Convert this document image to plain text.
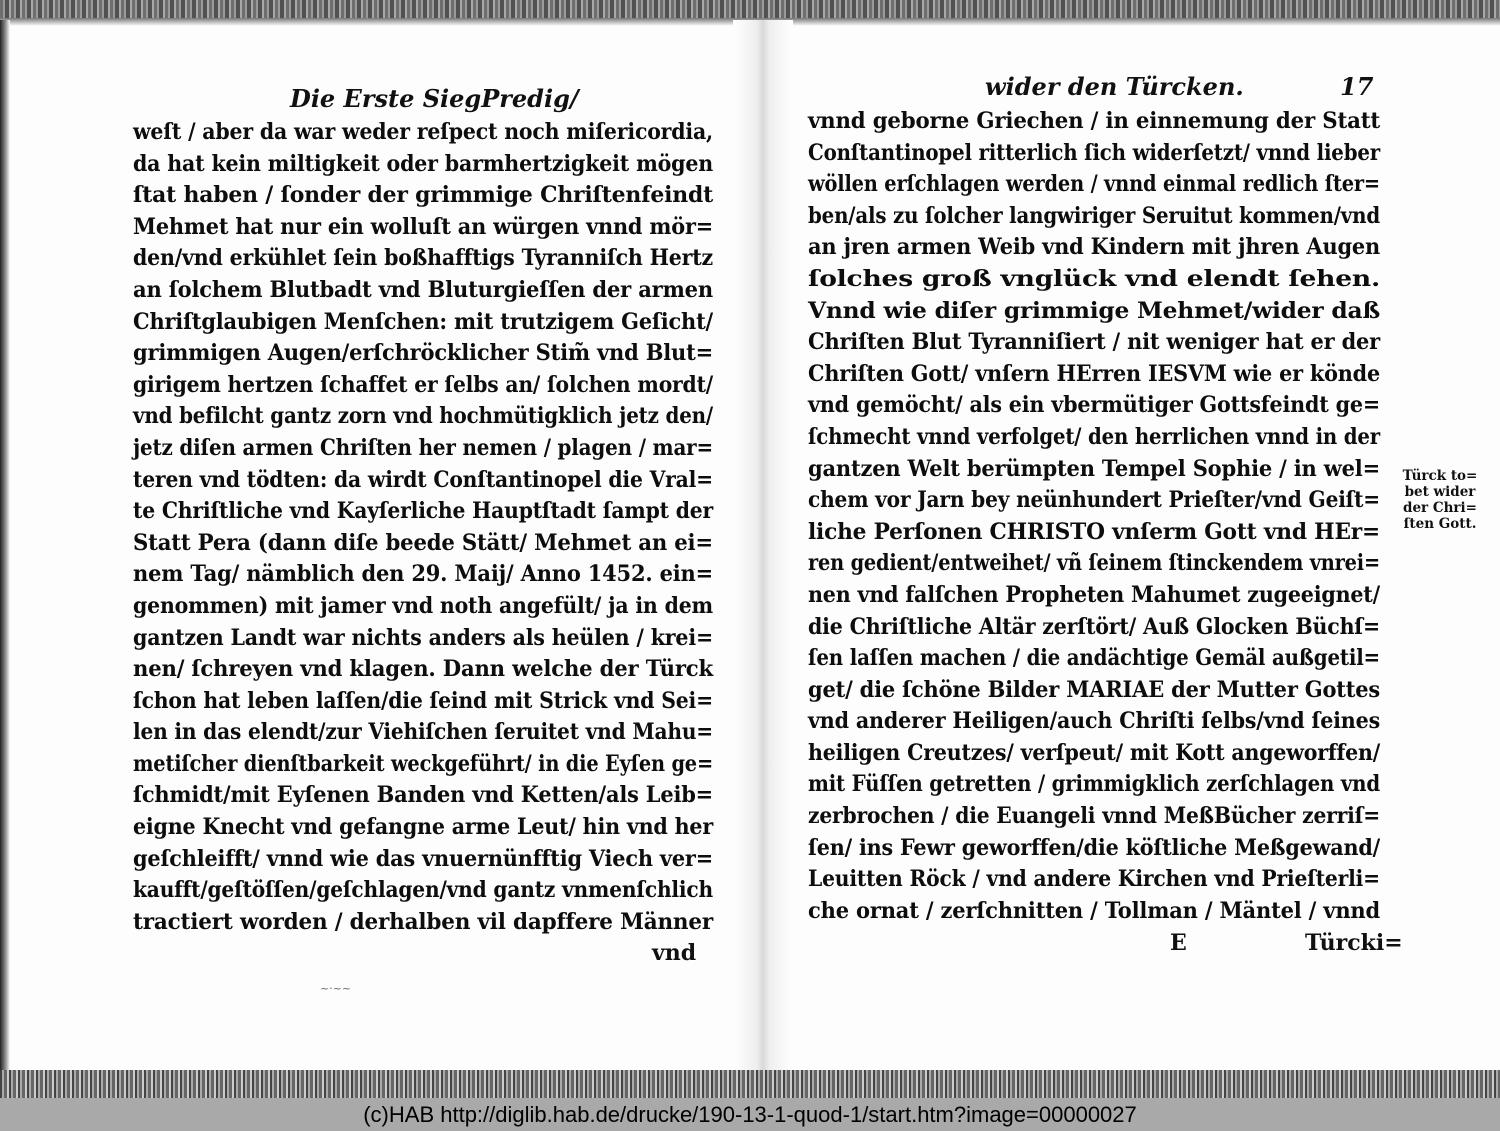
Die Erste SiegPredig/
weſt / aber da war weder reſpect noch miſericordia,
da hat kein miltigkeit oder barmhertzigkeit mögen
ſtat haben / ſonder der grimmige Chriſtenfeindt
Mehmet hat nur ein wolluſt an würgen vnnd mör=
den/vnd erkühlet ſein boßhafftigs Tyranniſch Hertz
an ſolchem Blutbadt vnd Bluturgieſſen der armen
Chriſtglaubigen Menſchen: mit trutzigem Geſicht/
grimmigen Augen/erſchröcklicher Stim̃ vnd Blut=
girigem hertzen ſchaffet er ſelbs an/ ſolchen mordt/
vnd befilcht gantz zorn vnd hochmütigklich jetz den/
jetz diſen armen Chriſten her nemen / plagen / mar=
teren vnd tödten: da wirdt Conſtantinopel die Vral=
te Chriſtliche vnd Kayſerliche Hauptſtadt ſampt der
Statt Pera (dann diſe beede Stätt/ Mehmet an ei=
nem Tag/ nämblich den 29. Maij/ Anno 1452. ein=
genommen) mit jamer vnd noth angefült/ ja in dem
gantzen Landt war nichts anders als heülen / krei=
nen/ ſchreyen vnd klagen. Dann welche der Türck
ſchon hat leben laſſen/die ſeind mit Strick vnd Sei=
len in das elendt/zur Viehiſchen ſeruitet vnd Mahu=
metiſcher dienſtbarkeit weckgeführt/ in die Eyſen ge=
ſchmidt/mit Eyſenen Banden vnd Ketten/als Leib=
eigne Knecht vnd gefangne arme Leut/ hin vnd her
geſchleifft/ vnnd wie das vnuernünfftig Viech ver=
kaufft/geſtöſſen/geſchlagen/vnd gantz vnmenſchlich
tractiert worden / derhalben vil dapffere Männer
vnd
~·~~
wider den Türcken.	17
vnnd geborne Griechen / in einnemung der Statt
Conſtantinopel ritterlich ſich widerſetzt/ vnnd lieber
wöllen erſchlagen werden / vnnd einmal redlich ſter=
ben/als zu ſolcher langwiriger Seruitut kommen/vnd
an jren armen Weib vnd Kindern mit jhren Augen
ſolches groß vnglück vnd elendt ſehen.
Vnnd wie diſer grimmige Mehmet/wider daß
Chriſten Blut Tyranniſiert / nit weniger hat er der
Chriſten Gott/ vnſern HErren IESVM wie er könde
vnd gemöcht/ als ein vbermütiger Gottsfeindt ge=
ſchmecht vnnd verfolget/ den herrlichen vnnd in der
gantzen Welt berümpten Tempel Sophie / in wel=
chem vor Jarn bey neünhundert Prieſter/vnd Geiſt=
liche Perſonen CHRISTO vnſerm Gott vnd HEr=
ren gedient/entweihet/ vñ ſeinem ſtinckendem vnrei=
nen vnd falſchen Propheten Mahumet zugeeignet/
die Chriſtliche Altär zerſtört/ Auß Glocken Büchſ=
ſen laſſen machen / die andächtige Gemäl außgetil=
get/ die ſchöne Bilder MARIAE der Mutter Gottes
vnd anderer Heiligen/auch Chriſti ſelbs/vnd ſeines
heiligen Creutzes/ verſpeut/ mit Kott angeworffen/
mit Füſſen getretten / grimmigklich zerſchlagen vnd
zerbrochen / die Euangeli vnnd MeßBücher zerriſ=
ſen/ ins Fewr geworffen/die köſtliche Meßgewand/
Leuitten Röck / vnd andere Kirchen vnd Prieſterli=
che ornat / zerſchnitten / Tollman / Mäntel / vnnd
E	Türcki=
Türck to=
bet wider
der Chri=
ſten Gott.
(c)HAB http://diglib.hab.de/drucke/190-13-1-quod-1/start.htm?image=00000027
